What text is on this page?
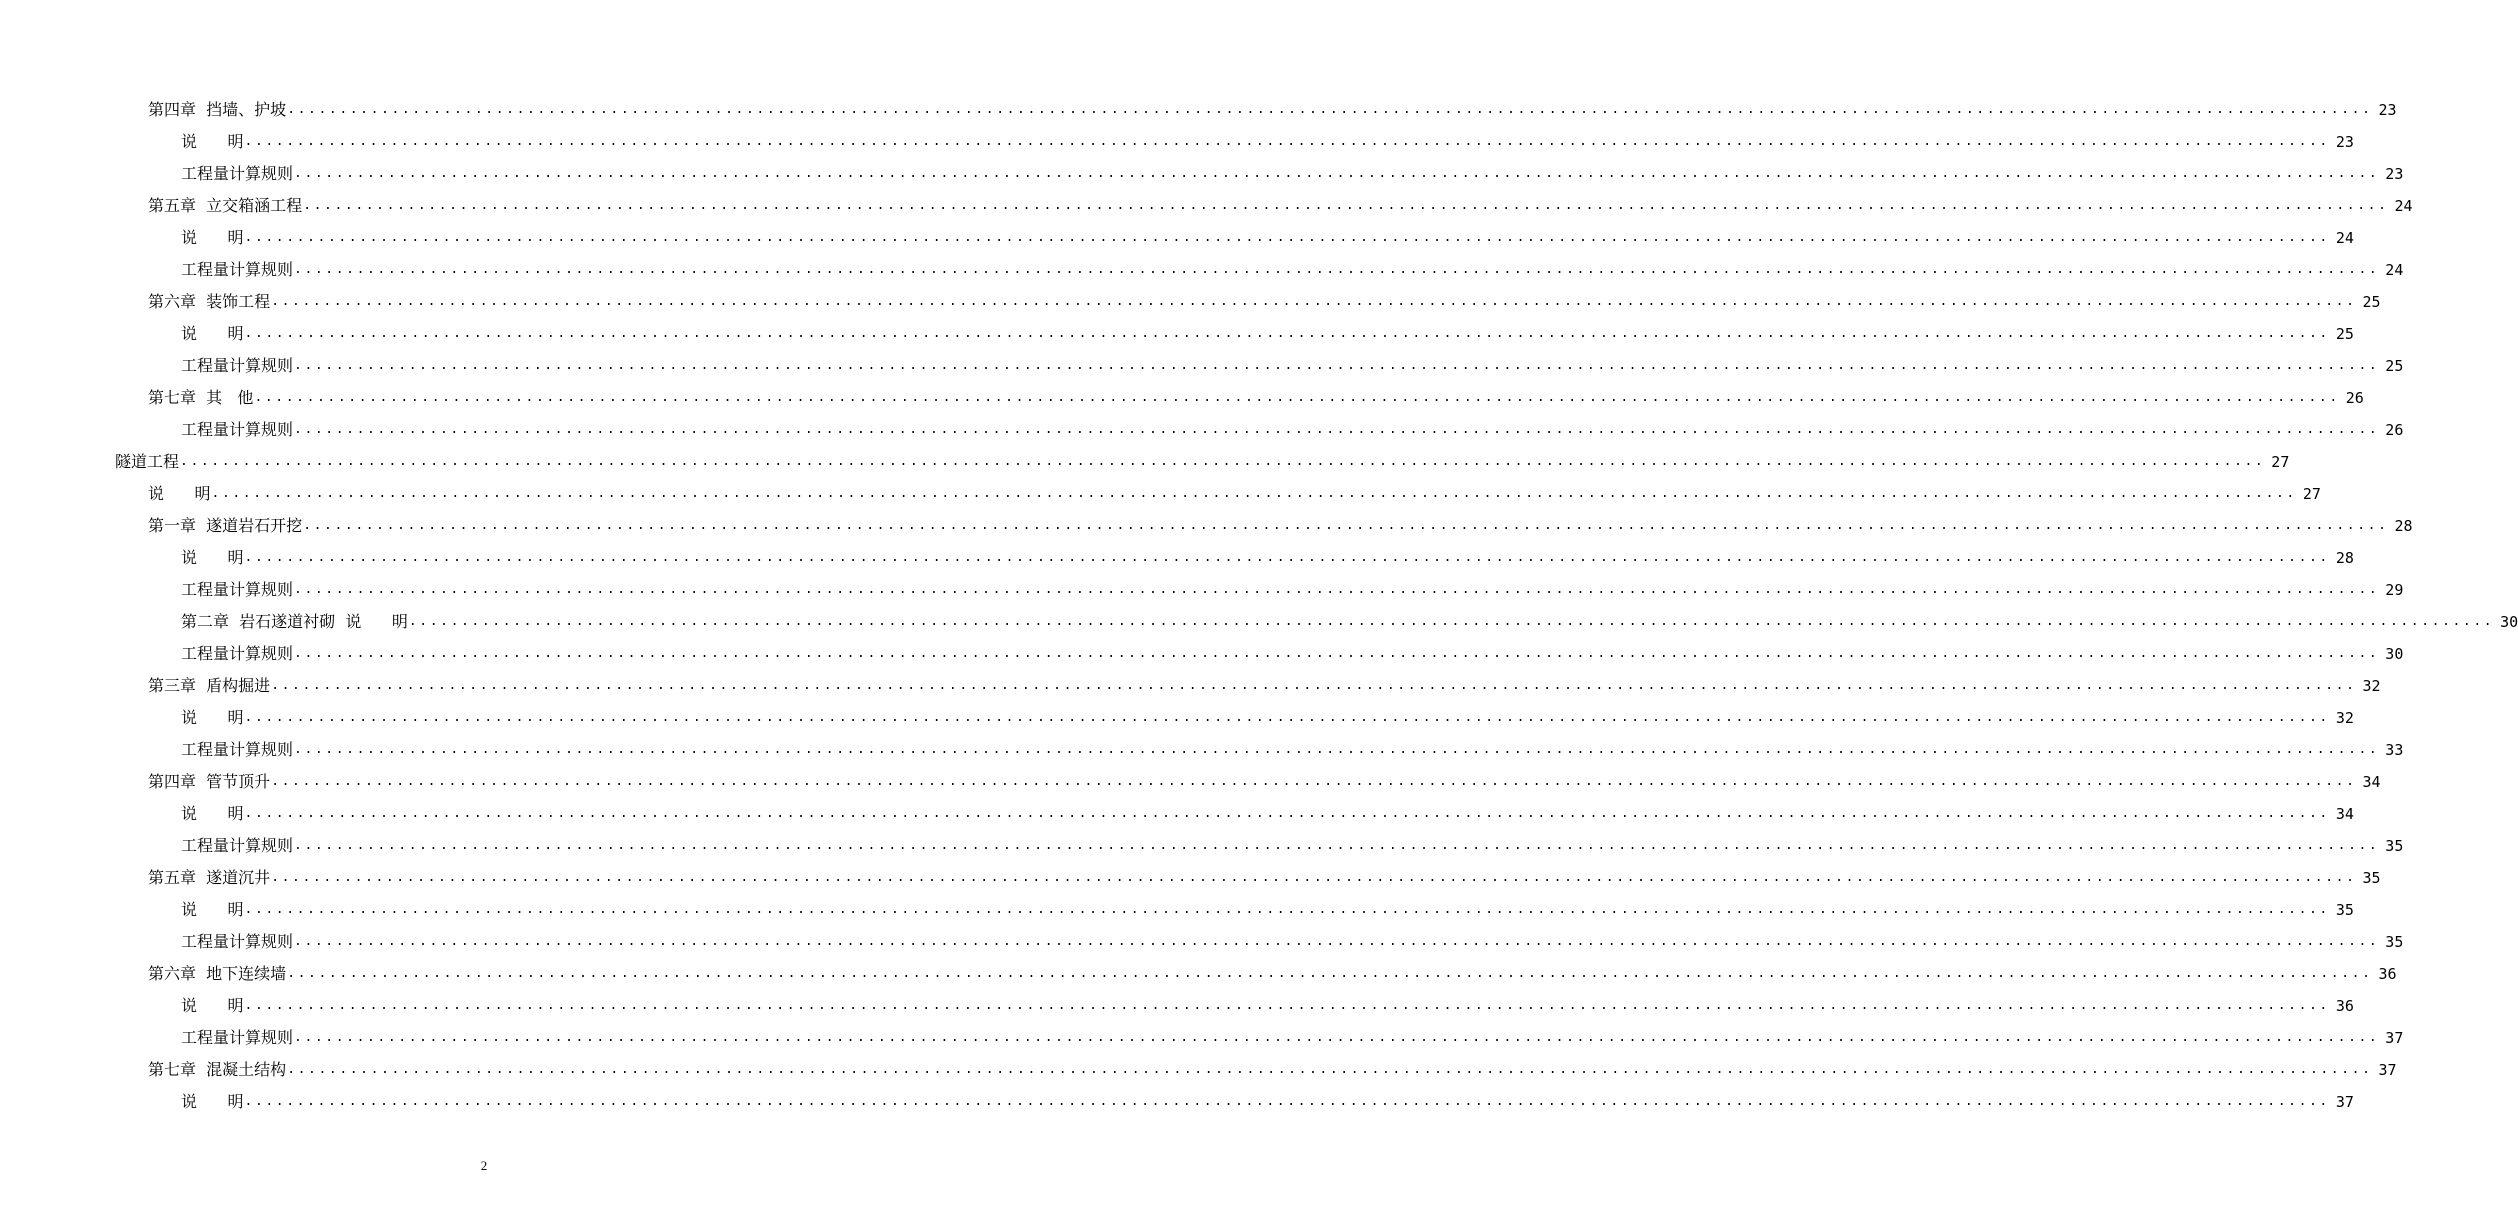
第四章  挡墙、护坡 ........................................................................................................................................................................................................ 23
说      明 ........................................................................................................................................................................................................ 23
工程量计算规则 ........................................................................................................................................................................................................ 23
第五章  立交箱涵工程 ........................................................................................................................................................................................................ 24
说      明 ........................................................................................................................................................................................................ 24
工程量计算规则 ........................................................................................................................................................................................................ 24
第六章  装饰工程 ........................................................................................................................................................................................................ 25
说      明 ........................................................................................................................................................................................................ 25
工程量计算规则 ........................................................................................................................................................................................................ 25
第七章  其   他 ........................................................................................................................................................................................................ 26
工程量计算规则 ........................................................................................................................................................................................................ 26
隧道工程 ........................................................................................................................................................................................................ 27
说      明 ........................................................................................................................................................................................................ 27
第一章  遂道岩石开挖 ........................................................................................................................................................................................................ 28
说      明 ........................................................................................................................................................................................................ 28
工程量计算规则 ........................................................................................................................................................................................................ 29
第二章  岩石遂道衬砌  说      明 ........................................................................................................................................................................................................ 30
工程量计算规则 ........................................................................................................................................................................................................ 30
第三章  盾构掘进 ........................................................................................................................................................................................................ 32
说      明 ........................................................................................................................................................................................................ 32
工程量计算规则 ........................................................................................................................................................................................................ 33
第四章  管节顶升 ........................................................................................................................................................................................................ 34
说      明 ........................................................................................................................................................................................................ 34
工程量计算规则 ........................................................................................................................................................................................................ 35
第五章  遂道沉井 ........................................................................................................................................................................................................ 35
说      明 ........................................................................................................................................................................................................ 35
工程量计算规则 ........................................................................................................................................................................................................ 35
第六章  地下连续墙 ........................................................................................................................................................................................................ 36
说      明 ........................................................................................................................................................................................................ 36
工程量计算规则 ........................................................................................................................................................................................................ 37
第七章  混凝土结构 ........................................................................................................................................................................................................ 37
说      明 ........................................................................................................................................................................................................ 37
2
